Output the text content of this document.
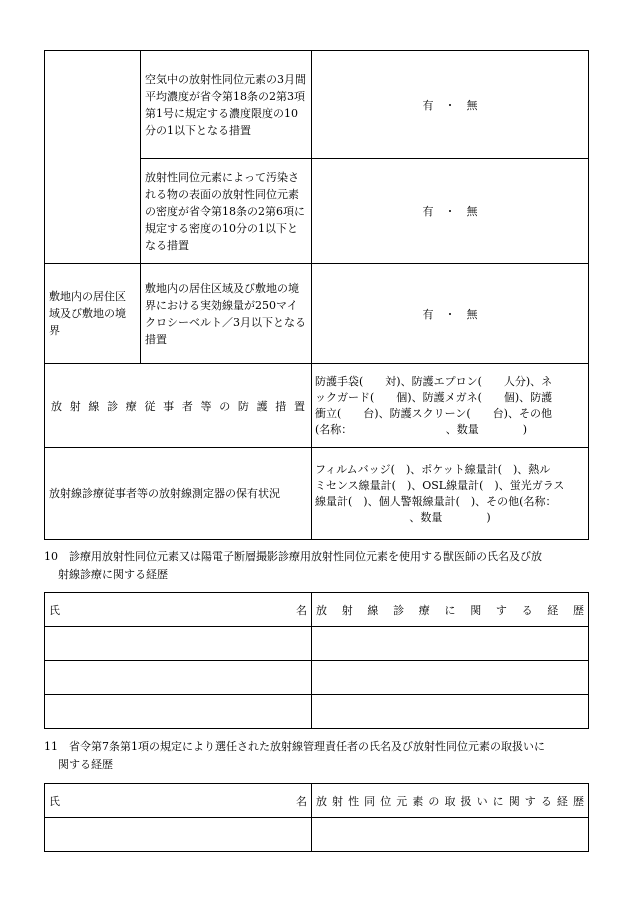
	空気中の放射性同位元素の3月間平均濃度が省令第18条の2第3項第1号に規定する濃度限度の10分の1以下となる措置	有 ・ 無

	放射性同位元素によって汚染される物の表面の放射性同位元素の密度が省令第18条の2第6項に規定する密度の10分の1以下となる措置	有 ・ 無

敷地内の居住区域及び敷地の境界	敷地内の居住区域及び敷地の境界における実効線量が250マイクロシーベルト／3月以下となる措置	有 ・ 無

放射線診療従事者等の防護措置		防護手袋(　　対)、防護エプロン(　　人分)、ネ
ックガード(　　個)、防護メガネ(　　個)、防護
衝立(　　台)、防護スクリーン(　　台)、その他
(名称：　　　　　　　　　、数量　　　　)

放射線診療従事者等の放射線測定器の保有状況		フィルムバッジ(　)、ポケット線量計(　)、熱ル
ミセンス線量計(　)、OSL線量計(　)、蛍光ガラス
線量計(　)、個人警報線量計(　)、その他(名称：
、数量　　　　)
10　診療用放射性同位元素又は陽電子断層撮影診療用放射性同位元素を使用する獣医師の氏名及び放
射線診療に関する経歴
氏 名	放射線診療に関する経歴

11　省令第7条第1項の規定により選任された放射線管理責任者の氏名及び放射性同位元素の取扱いに
関する経歴
氏 名	放射性同位元素の取扱いに関する経歴
